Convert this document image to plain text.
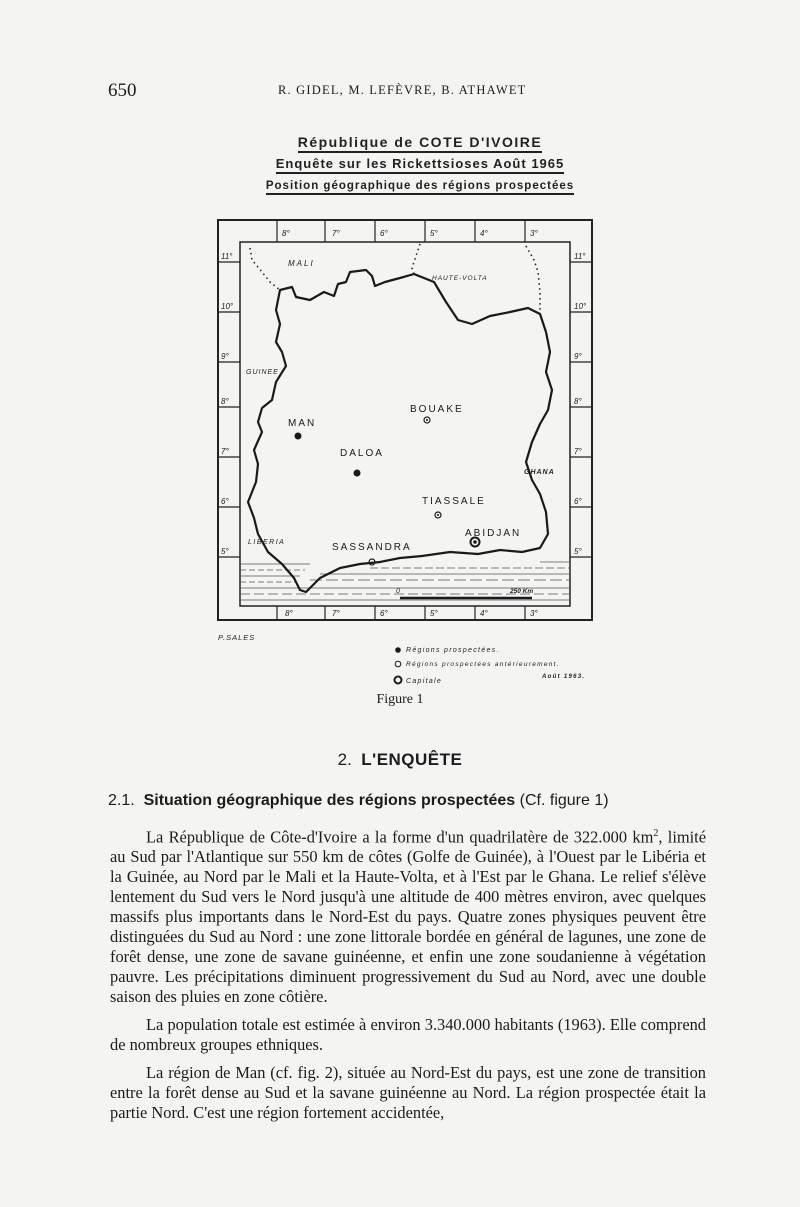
650	R. GIDEL, M. LEFÈVRE, B. ATHAWET
République de COTE D'IVOIRE
Enquête sur les Rickettsioses Août 1965
Position géographique des régions prospectées
8°	7°	6°	5°	4°	3°
8°	7°	6°	5°	4°	3°
11°
10°
9°
8°
7°
6°
5°
11°
10°
9°
8°
7°
6°
5°
MALI
HAUTE-VOLTA
GUINEE
LIBERIA
GHANA
MAN
DALOA
BOUAKE
TIASSALE
ABIDJAN
SASSANDRA
0	250 Km
P.SALES
Régions prospectées.
Régions prospectées antérieurement.
Août 1963.
Capitale
Figure 1
2. L'ENQUÊTE
2.1. Situation géographique des régions prospectées (Cf. figure 1)

La République de Côte-d'Ivoire a la forme d'un quadrilatère de 322.000 $km^2$, limité au Sud par l'Atlantique sur 550 km de côtes (Golfe de Guinée), à l'Ouest par le Libéria et la Guinée, au Nord par le Mali et la Haute-Volta, et à l'Est par le Ghana. Le relief s'élève lentement du Sud vers le Nord jusqu'à une altitude de 400 mètres environ, avec quelques massifs plus importants dans le Nord-Est du pays. Quatre zones physiques peuvent être distinguées du Sud au Nord : une zone littorale bordée en général de lagunes, une zone de forêt dense, une zone de savane guinéenne, et enfin une zone soudanienne à végétation pauvre. Les précipitations diminuent progressivement du Sud au Nord, avec une double saison des pluies en zone côtière.

La population totale est estimée à environ 3.340.000 habitants (1963). Elle comprend de nombreux groupes ethniques.

La région de Man (cf. fig. 2), située au Nord-Est du pays, est une zone de transition entre la forêt dense au Sud et la savane guinéenne au Nord. La région prospectée était la partie Nord. C'est une région fortement accidentée,
